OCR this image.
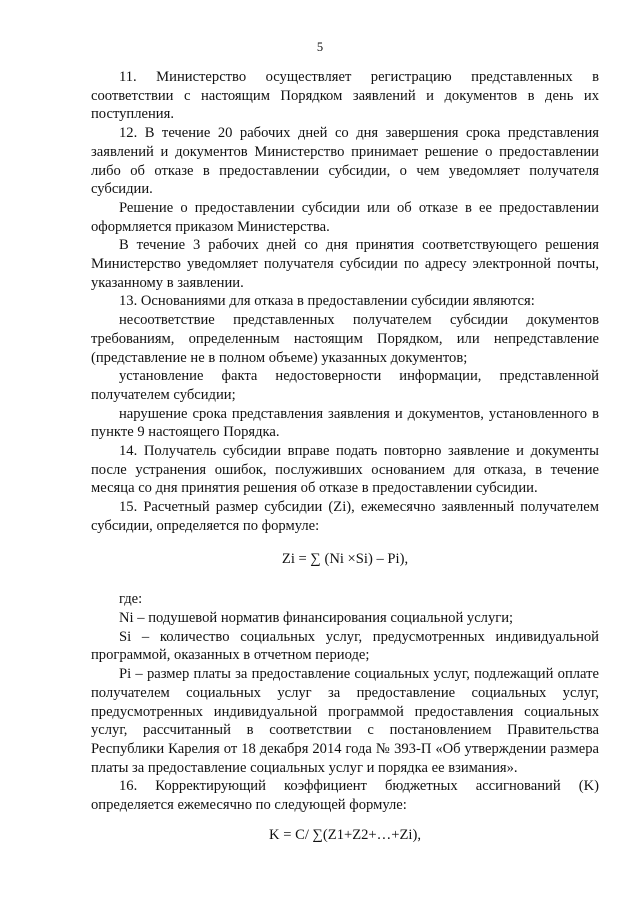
5

11. Министерство осуществляет регистрацию представленных в соответствии с настоящим Порядком заявлений и документов в день их поступления.

12. В течение 20 рабочих дней со дня завершения срока представления заявлений и документов Министерство принимает решение о предоставлении либо об отказе в предоставлении субсидии, о чем уведомляет получателя субсидии.

Решение о предоставлении субсидии или об отказе в ее предоставлении оформляется приказом Министерства.

В течение 3 рабочих дней со дня принятия соответствующего решения Министерство уведомляет получателя субсидии по адресу электронной почты, указанному в заявлении.

13. Основаниями для отказа в предоставлении субсидии являются:

несоответствие представленных получателем субсидии документов требованиям, определенным настоящим Порядком, или непредставление (представление не в полном объеме) указанных документов;

установление факта недостоверности информации, представленной получателем субсидии;

нарушение срока представления заявления и документов, установленного в пункте 9 настоящего Порядка.

14. Получатель субсидии вправе подать повторно заявление и документы после устранения ошибок, послуживших основанием для отказа, в течение месяца со дня принятия решения об отказе в предоставлении субсидии.

15. Расчетный размер субсидии (Zi), ежемесячно заявленный получателем субсидии, определяется по формуле:

Zi = ∑ (Ni ×Si) – Pi),

где:

Ni – подушевой норматив финансирования социальной услуги;

Si – количество социальных услуг, предусмотренных индивидуальной программой, оказанных в отчетном периоде;

Pi – размер платы за предоставление социальных услуг, подлежащий оплате получателем социальных услуг за предоставление социальных услуг, предусмотренных индивидуальной программой предоставления социальных услуг, рассчитанный в соответствии с постановлением Правительства Республики Карелия от 18 декабря 2014 года № 393-П «Об утверждении размера платы за предоставление социальных услуг и порядка ее взимания».

16. Корректирующий коэффициент бюджетных ассигнований (K) определяется ежемесячно по следующей формуле:

K = C/ ∑(Z1+Z2+…+Zi),
